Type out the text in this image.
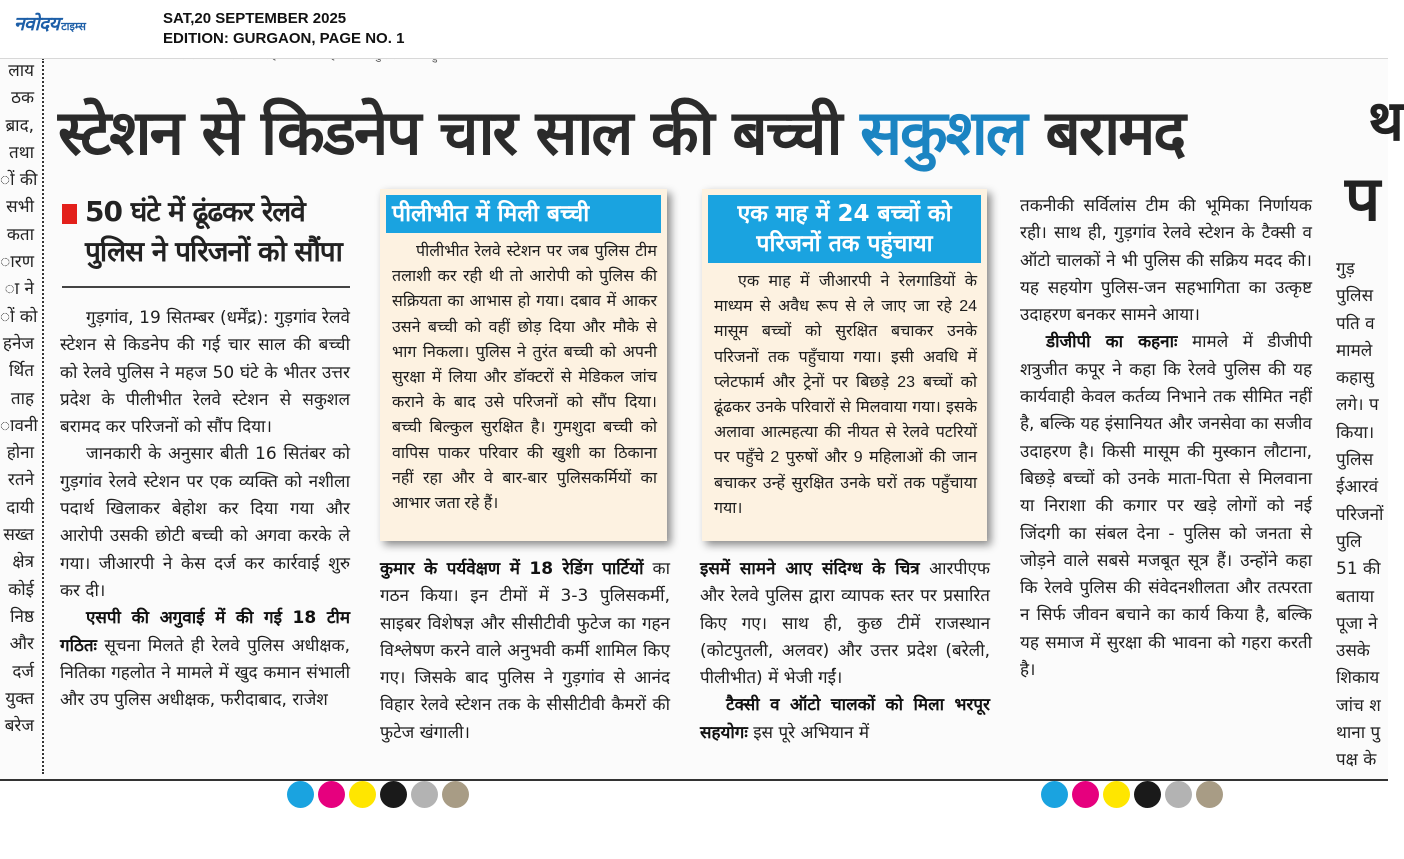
नवोदय टाइम्स	SAT,20 SEPTEMBER 2025
EDITION: GURGAON, PAGE NO. 1
लाय
ठक
ब्राद,
तथा
ों की
सभी
कता
ारण
ा ने
ों को
हनेज
र्थित
ताह
ावनी
होना
रतने
दायी
सख्त
क्षेत्र
कोई
निष्ठ
और
दर्ज
युक्त
बरेज
स्टेशन से किडनेप चार साल की बच्ची सकुशल बरामद
50 घंटे में ढूंढकर रेलवे पुलिस ने परिजनों को सौंपा

गुड़गांव, 19 सितम्बर (धर्मेंद्र): गुड़गांव रेलवे स्टेशन से किडनेप की गई चार साल की बच्ची को रेलवे पुलिस ने महज 50 घंटे के भीतर उत्तर प्रदेश के पीलीभीत रेलवे स्टेशन से सकुशल बरामद कर परिजनों को सौंप दिया।

जानकारी के अनुसार बीती 16 सितंबर को गुड़गांव रेलवे स्टेशन पर एक व्यक्ति को नशीला पदार्थ खिलाकर बेहोश कर दिया गया और आरोपी उसकी छोटी बच्ची को अगवा करके ले गया। जीआरपी ने केस दर्ज कर कार्रवाई शुरु कर दी।

एसपी की अगुवाई में की गई 18 टीम गठितः सूचना मिलते ही रेलवे पुलिस अधीक्षक, नितिका गहलोत ने मामले में खुद कमान संभाली और उप पुलिस अधीक्षक, फरीदाबाद, राजेश

पीलीभीत में मिली बच्ची

पीलीभीत रेलवे स्टेशन पर जब पुलिस टीम तलाशी कर रही थी तो आरोपी को पुलिस की सक्रियता का आभास हो गया। दबाव में आकर उसने बच्ची को वहीं छोड़ दिया और मौके से भाग निकला। पुलिस ने तुरंत बच्ची को अपनी सुरक्षा में लिया और डॉक्टरों से मेडिकल जांच कराने के बाद उसे परिजनों को सौंप दिया। बच्ची बिल्कुल सुरक्षित है। गुमशुदा बच्ची को वापिस पाकर परिवार की खुशी का ठिकाना नहीं रहा और वे बार-बार पुलिसकर्मियों का आभार जता रहे हैं।

कुमार के पर्यवेक्षण में 18 रेडिंग पार्टियों का गठन किया। इन टीमों में 3-3 पुलिसकर्मी, साइबर विशेषज्ञ और सीसीटीवी फुटेज का गहन विश्लेषण करने वाले अनुभवी कर्मी शामिल किए गए। जिसके बाद पुलिस ने गुड़गांव से आनंद विहार रेलवे स्टेशन तक के सीसीटीवी कैमरों की फुटेज खंगाली।

एक माह में 24 बच्चों को परिजनों तक पहुंचाया

एक माह में जीआरपी ने रेलगाडियों के माध्यम से अवैध रूप से ले जाए जा रहे 24 मासूम बच्चों को सुरक्षित बचाकर उनके परिजनों तक पहुँचाया गया। इसी अवधि में प्लेटफार्म और ट्रेनों पर बिछड़े 23 बच्चों को ढूंढकर उनके परिवारों से मिलवाया गया। इसके अलावा आत्महत्या की नीयत से रेलवे पटरियों पर पहुँचे 2 पुरुषों और 9 महिलाओं की जान बचाकर उन्हें सुरक्षित उनके घरों तक पहुँचाया गया।

इसमें सामने आए संदिग्ध के चित्र आरपीएफ और रेलवे पुलिस द्वारा व्यापक स्तर पर प्रसारित किए गए। साथ ही, कुछ टीमें राजस्थान (कोटपुतली, अलवर) और उत्तर प्रदेश (बरेली, पीलीभीत) में भेजी गईं।

टैक्सी व ऑटो चालकों को मिला भरपूर सहयोगः इस पूरे अभियान में

तकनीकी सर्विलांस टीम की भूमिका निर्णायक रही। साथ ही, गुड़गांव रेलवे स्टेशन के टैक्सी व ऑटो चालकों ने भी पुलिस की सक्रिय मदद की। यह सहयोग पुलिस-जन सहभागिता का उत्कृष्ट उदाहरण बनकर सामने आया।

डीजीपी का कहनाः मामले में डीजीपी शत्रुजीत कपूर ने कहा कि रेलवे पुलिस की यह कार्यवाही केवल कर्तव्य निभाने तक सीमित नहीं है, बल्कि यह इंसानियत और जनसेवा का सजीव उदाहरण है। किसी मासूम की मुस्कान लौटाना, बिछड़े बच्चों को उनके माता-पिता से मिलवाना या निराशा की कगार पर खड़े लोगों को नई जिंदगी का संबल देना - पुलिस को जनता से जोड़ने वाले सबसे मजबूत सूत्र हैं। उन्होंने कहा कि रेलवे पुलिस की संवेदनशीलता और तत्परता न सिर्फ जीवन बचाने का कार्य किया है, बल्कि यह समाज में सुरक्षा की भावना को गहरा करती है।

थ
प
गुड़
पुलिस
पति व
मामले
कहासु
लगे। प
किया।
पुलिस
ईआरवं
परिजनों
पुलि
51 की
बताया
पूजा ने
उसके
शिकाय
जांच श
थाना पु
पक्ष के
